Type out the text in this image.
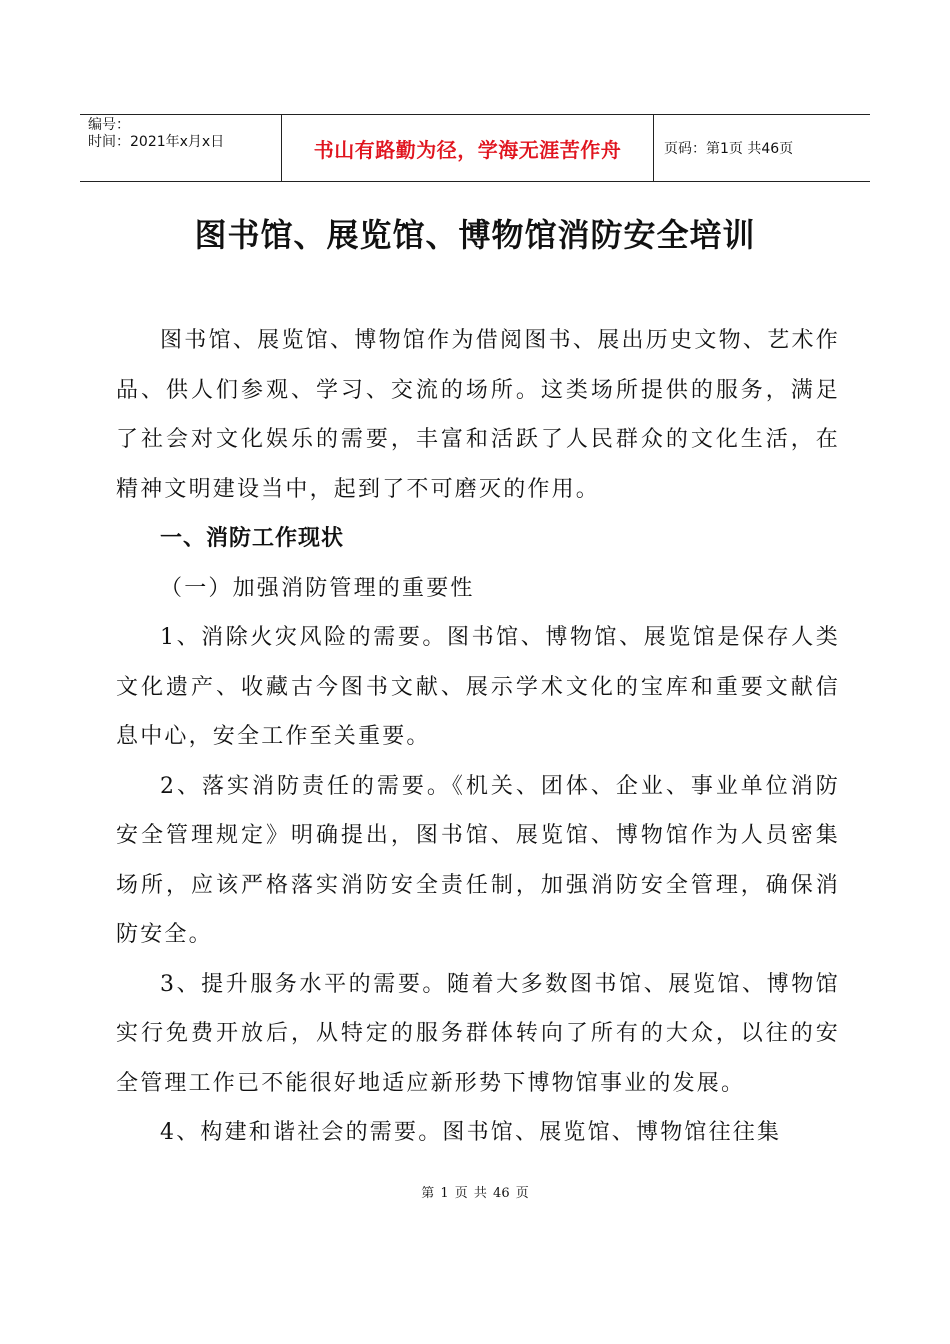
编号：
时间：2021年x月x日	书山有路勤为径，学海无涯苦作舟	页码：第1页 共46页
图书馆、展览馆、博物馆消防安全培训

图书馆、展览馆、博物馆作为借阅图书、展出历史文物、艺术作品、供人们参观、学习、交流的场所。这类场所提供的服务，满足了社会对文化娱乐的需要，丰富和活跃了人民群众的文化生活，在精神文明建设当中，起到了不可磨灭的作用。

一、消防工作现状
（一）加强消防管理的重要性

1、消除火灾风险的需要。图书馆、博物馆、展览馆是保存人类文化遗产、收藏古今图书文献、展示学术文化的宝库和重要文献信息中心，安全工作至关重要。

2、落实消防责任的需要。《机关、团体、企业、事业单位消防安全管理规定》明确提出，图书馆、展览馆、博物馆作为人员密集场所，应该严格落实消防安全责任制，加强消防安全管理，确保消防安全。

3、提升服务水平的需要。随着大多数图书馆、展览馆、博物馆实行免费开放后，从特定的服务群体转向了所有的大众，以往的安全管理工作已不能很好地适应新形势下博物馆事业的发展。

4、构建和谐社会的需要。图书馆、展览馆、博物馆往往集

第 1 页 共 46 页
